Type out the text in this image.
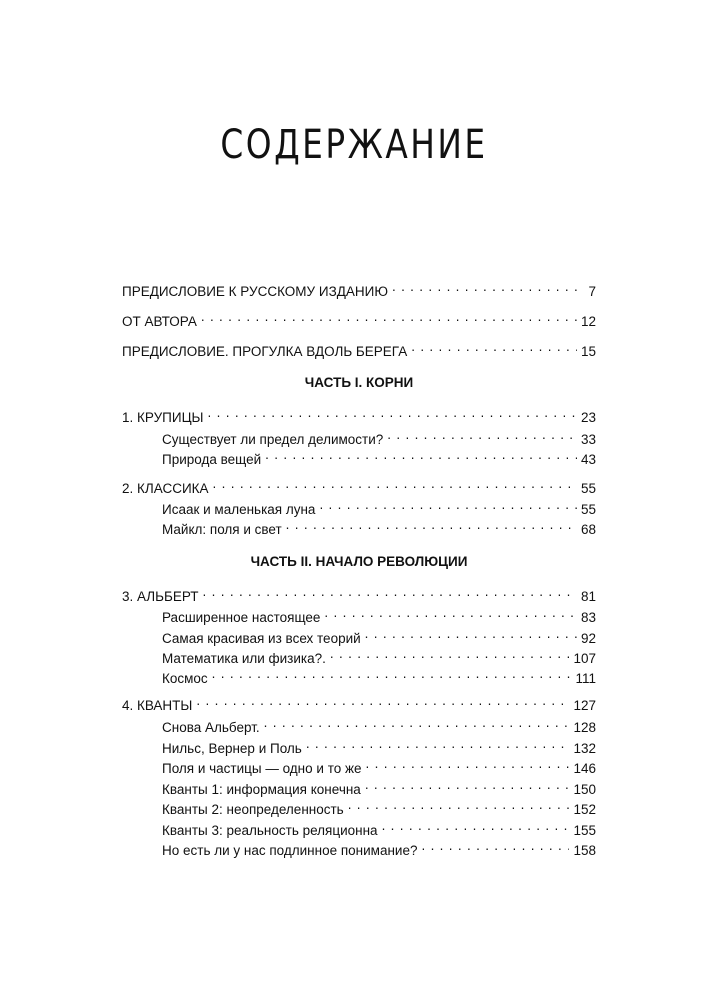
СОДЕРЖАНИЕ
ПРЕДИСЛОВИЕ К РУССКОМУ ИЗДАНИЮ . . .	7
ОТ АВТОРА . . .	12
ПРЕДИСЛОВИЕ. ПРОГУЛКА ВДОЛЬ БЕРЕГА . . .	15
ЧАСТЬ I. КОРНИ
1. КРУПИЦЫ . . .	23
Существует ли предел делимости? . . .	33
Природа вещей . . .	43
2. КЛАССИКА . . .	55
Исаак и маленькая луна . . .	55
Майкл: поля и свет . . .	68
ЧАСТЬ II. НАЧАЛО РЕВОЛЮЦИИ
3. АЛЬБЕРТ . . .	81
Расширенное настоящее . . .	83
Самая красивая из всех теорий . . .	92
Математика или физика?. . . .	107
Космос . . .	111
4. КВАНТЫ . . .	127
Снова Альберт. . . .	128
Нильс, Вернер и Поль . . .	132
Поля и частицы — одно и то же . . .	146
Кванты 1: информация конечна . . .	150
Кванты 2: неопределенность . . .	152
Кванты 3: реальность реляционна . . .	155
Но есть ли у нас подлинное понимание? . . .	158
